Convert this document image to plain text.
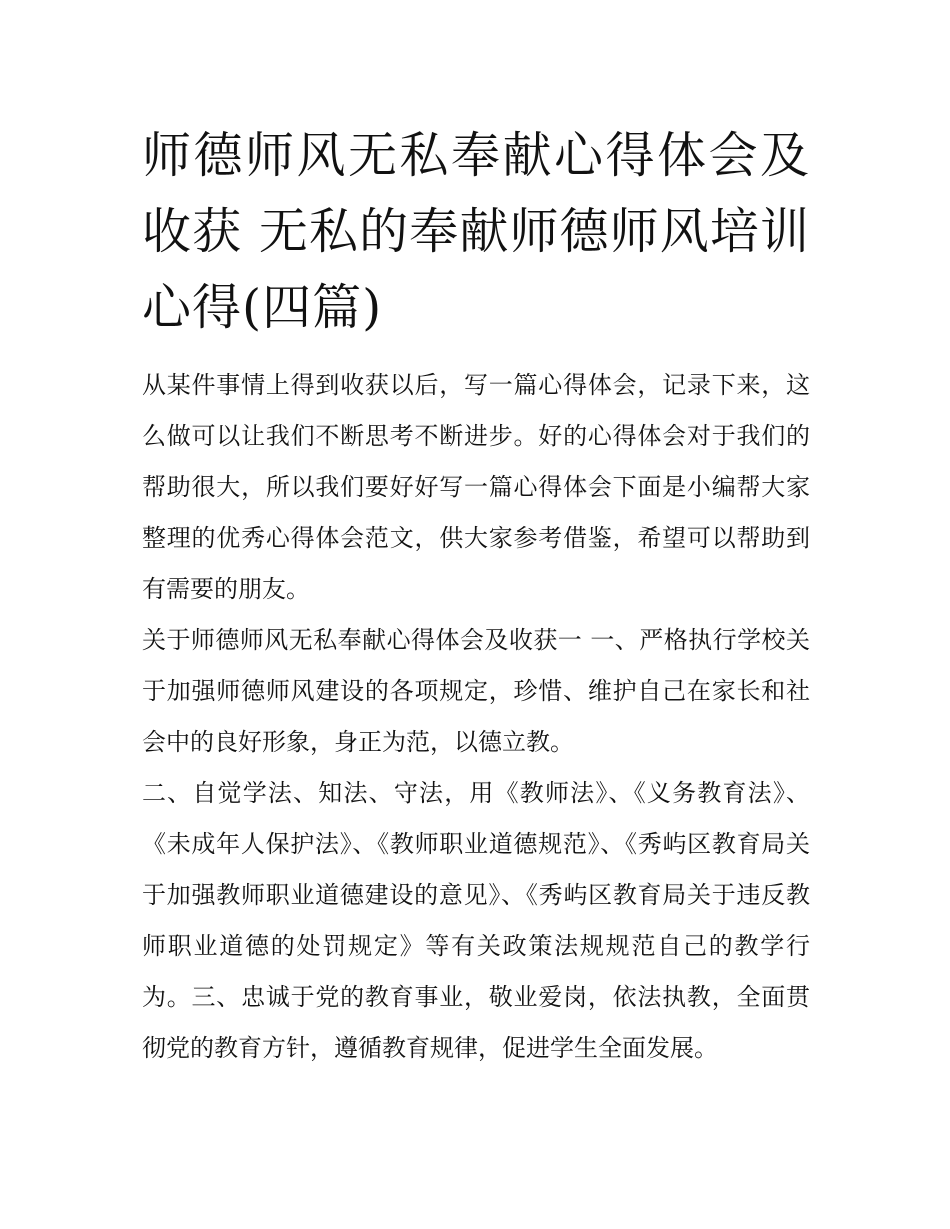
师德师风无私奉献心得体会及收获 无私的奉献师德师风培训心得(四篇)

从某件事情上得到收获以后，写一篇心得体会，记录下来，这么做可以让我们不断思考不断进步。好的心得体会对于我们的帮助很大，所以我们要好好写一篇心得体会下面是小编帮大家整理的优秀心得体会范文，供大家参考借鉴，希望可以帮助到有需要的朋友。

关于师德师风无私奉献心得体会及收获一 一、严格执行学校关于加强师德师风建设的各项规定，珍惜、维护自己在家长和社会中的良好形象，身正为范，以德立教。

二、自觉学法、知法、守法，用《教师法》、《义务教育法》、《未成年人保护法》、《教师职业道德规范》、《秀屿区教育局关于加强教师职业道德建设的意见》、《秀屿区教育局关于违反教师职业道德的处罚规定》等有关政策法规规范自己的教学行为。三、忠诚于党的教育事业，敬业爱岗，依法执教，全面贯彻党的教育方针，遵循教育规律，促进学生全面发展。
